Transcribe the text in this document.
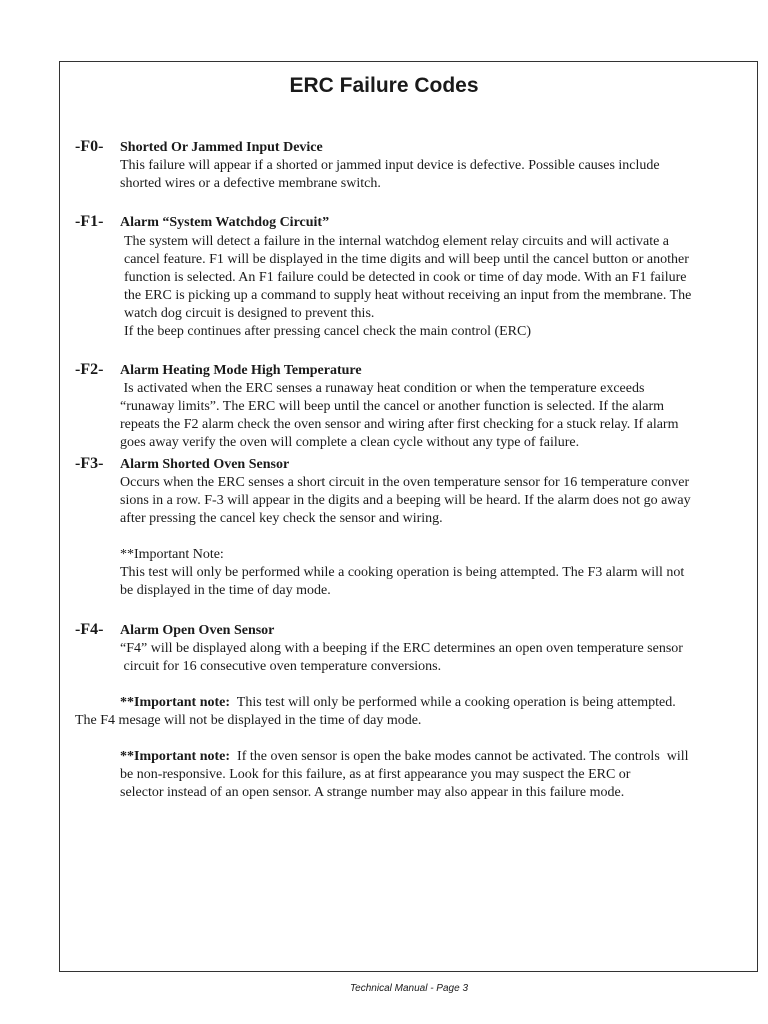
ERC Failure Codes
-F0- Shorted Or Jammed Input Device
This failure will appear if a shorted or jammed input device is defective. Possible causes include
shorted wires or a defective membrane switch.
-F1- Alarm “System Watchdog Circuit”
The system will detect a failure in the internal watchdog element relay circuits and will activate a
cancel feature. F1 will be displayed in the time digits and will beep until the cancel button or another
function is selected. An F1 failure could be detected in cook or time of day mode. With an F1 failure
the ERC is picking up a command to supply heat without receiving an input from the membrane. The
watch dog circuit is designed to prevent this.
If the beep continues after pressing cancel check the main control (ERC)
-F2- Alarm Heating Mode High Temperature
Is activated when the ERC senses a runaway heat condition or when the temperature exceeds
“runaway limits”. The ERC will beep until the cancel or another function is selected. If the alarm
repeats the F2 alarm check the oven sensor and wiring after first checking for a stuck relay. If alarm
goes away verify the oven will complete a clean cycle without any type of failure.
-F3- Alarm Shorted Oven Sensor
Occurs when the ERC senses a short circuit in the oven temperature sensor for 16 temperature conver
sions in a row. F-3 will appear in the digits and a beeping will be heard. If the alarm does not go away
after pressing the cancel key check the sensor and wiring.
**Important Note:
This test will only be performed while a cooking operation is being attempted. The F3 alarm will not
be displayed in the time of day mode.
-F4- Alarm Open Oven Sensor
“F4” will be displayed along with a beeping if the ERC determines an open oven temperature sensor
circuit for 16 consecutive oven temperature conversions.
**Important note:  This test will only be performed while a cooking operation is being attempted.
The F4 mesage will not be displayed in the time of day mode.
**Important note:  If the oven sensor is open the bake modes cannot be activated. The controls  will
be non-responsive. Look for this failure, as at first appearance you may suspect the ERC or
selector instead of an open sensor. A strange number may also appear in this failure mode.

Technical Manual - Page 3
